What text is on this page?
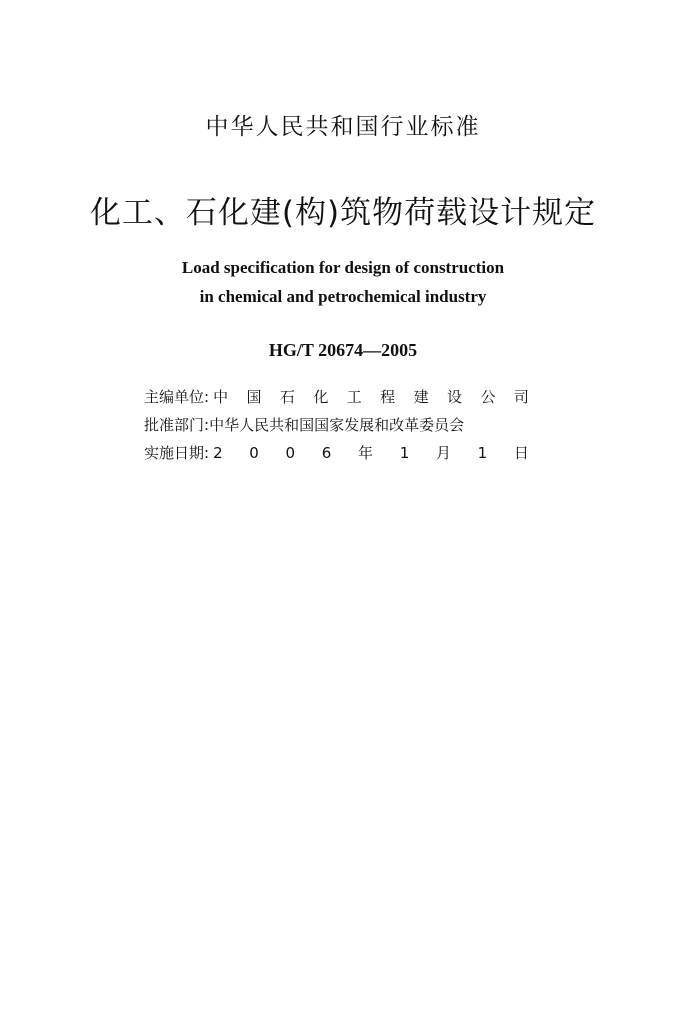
中华人民共和国行业标准
化工、石化建(构)筑物荷载设计规定
Load specification for design of construction
in chemical and petrochemical industry
HG/T 20674—2005
主编单位: 中 国 石 化 工 程 建 设 公 司
批准部门: 中华人民共和国国家发展和改革委员会
实施日期: 2 0 0 6 年 1 月 1 日
